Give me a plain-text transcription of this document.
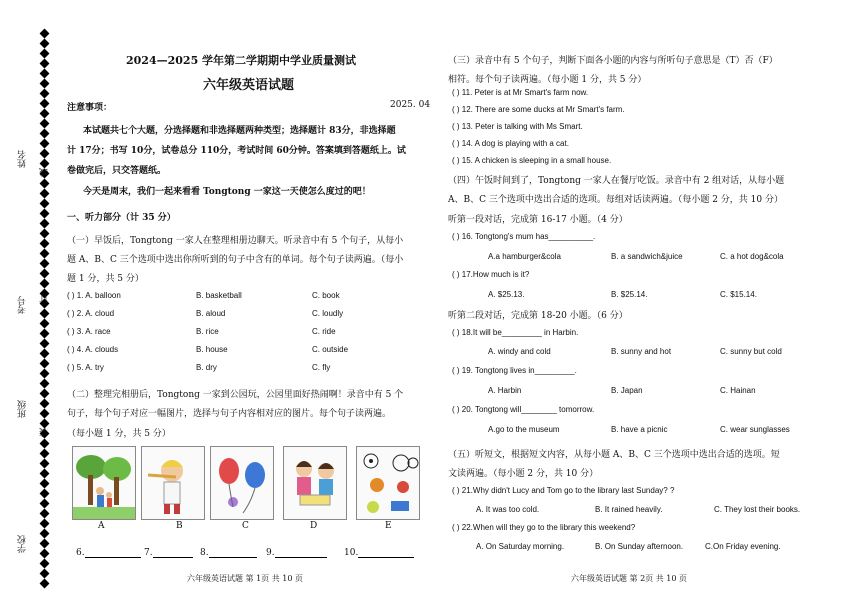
姓名
线
考号 订
班级
装
学校
2024—2025 学年第二学期期中学业质量测试
六年级英语试题
注意事项：	2025. 04
本试题共七个大题，分选择题和非选择题两种类型；选择题计 83分，非选择题
计 17分；书写 10分，试卷总分 110分，考试时间 60分钟。答案填到答题纸上。试
卷做完后，只交答题纸。
今天是周末，我们一起来看看 Tongtong 一家这一天使怎么度过的吧！
一、听力部分（计 35 分）
（一）早饭后，Tongtong 一家人在整理相册边聊天。听录音中有 5 个句子，从每小
题 A、B、C 三个选项中选出你所听到的句子中含有的单词。每个句子读两遍。（每小
题 1 分，共 5 分）
( ) 1. A. balloon	B. basketball	C. book
( ) 2. A. cloud	B. aloud	C. loudly
( ) 3. A. race	B. rice	C. ride
( ) 4. A. clouds	B. house	C. outside
( ) 5. A. try	B. dry	C. fly
（二）整理完相册后，Tongtong 一家到公园玩，公园里面好热闹啊！录音中有 5 个
句子，每个句子对应一幅图片，选择与句子内容相对应的图片。每个句子读两遍。
（每小题 1 分，共 5 分）
A	B	C	D	E
6.	7.	8.	9.	10.
六年级英语试题 第 1页 共 10 页
（三）录音中有 5 个句子，判断下面各小题的内容与所听句子意思是（T）否（F）
相符。每个句子读两遍。（每小题 1 分，共 5 分）
( ) 11. Peter is at Mr Smart's farm now.
( ) 12. There are some ducks at Mr Smart's farm.
( ) 13. Peter is talking with Ms Smart.
( ) 14. A dog is playing with a cat.
( ) 15. A chicken is sleeping in a small house.
（四）午饭时间到了，Tongtong 一家人在餐厅吃饭。录音中有 2 组对话，从每小题
A、B、C 三个选项中选出合适的选项。每组对话读两遍。（每小题 2 分，共 10 分）
听第一段对话，完成第 16-17 小题。（4 分）
( ) 16. Tongtong's mum has__________.
A.a hamburger&cola	B. a sandwich&juice	C. a hot dog&cola
( ) 17.How much is it?
A. $25.13.	B. $25.14.	C. $15.14.
听第二段对话，完成第 18-20 小题。（6 分）
( ) 18.It will be_________ in Harbin.
A. windy and cold	B. sunny and hot	C. sunny but cold
( ) 19. Tongtong lives in_________.
A. Harbin	B. Japan	C. Hainan
( ) 20. Tongtong will________ tomorrow.
A.go to the museum	B. have a picnic	C. wear sunglasses
（五）听短文，根据短文内容，从每小题 A、B、C 三个选项中选出合适的选项。短
文读两遍。（每小题 2 分，共 10 分）
( ) 21.Why didn't Lucy and Tom go to the library last Sunday? ?
A. It was too cold.	B. It rained heavily.	C. They lost their books.
( ) 22.When will they go to the library this weekend?
A. On Saturday morning.	B. On Sunday afternoon.	C.On Friday evening.
六年级英语试题 第 2页 共 10 页
